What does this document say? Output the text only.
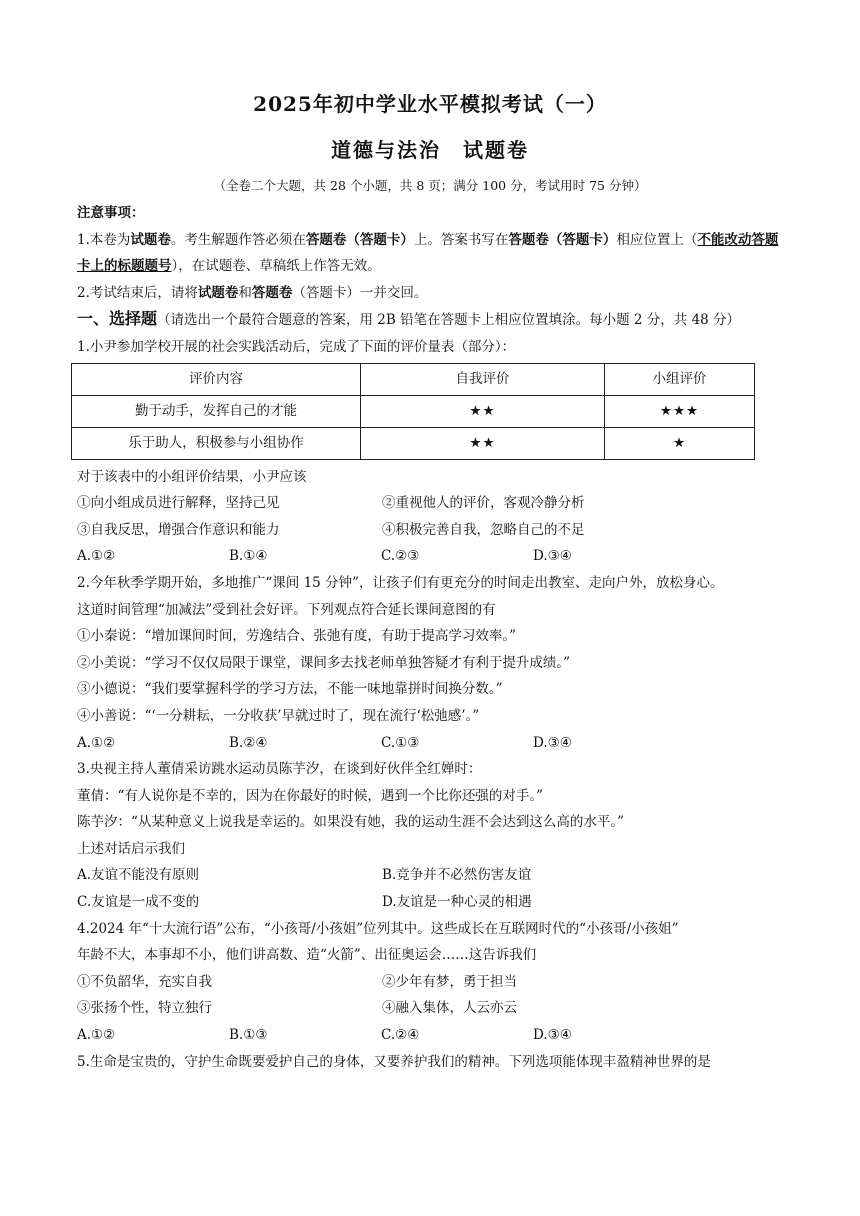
2025年初中学业水平模拟考试（一）
道德与法治　试题卷
（全卷二个大题，共 28 个小题，共 8 页；满分 100 分，考试用时 75 分钟）
注意事项：
1.本卷为试题卷。考生解题作答必须在答题卷（答题卡）上。答案书写在答题卷（答题卡）相应位置上（不能改动答题卡上的标题题号），在试题卷、草稿纸上作答无效。
2.考试结束后，请将试题卷和答题卷（答题卡）一并交回。
一、选择题（请选出一个最符合题意的答案，用 2B 铅笔在答题卡上相应位置填涂。每小题 2 分，共 48 分）
1.小尹参加学校开展的社会实践活动后，完成了下面的评价量表（部分）：
评价内容	自我评价	小组评价
勤于动手，发挥自己的才能	★★	★★★
乐于助人，积极参与小组协作	★★	★
对于该表中的小组评价结果，小尹应该
①向小组成员进行解释，坚持己见	②重视他人的评价，客观冷静分析
③自我反思，增强合作意识和能力	④积极完善自我，忽略自己的不足
A.①②	B.①④	C.②③	D.③④
2.今年秋季学期开始，多地推广“课间 15 分钟”，让孩子们有更充分的时间走出教室、走向户外，放松身心。
这道时间管理“加减法”受到社会好评。下列观点符合延长课间意图的有
①小秦说：“增加课间时间，劳逸结合、张弛有度，有助于提高学习效率。”
②小美说：“学习不仅仅局限于课堂，课间多去找老师单独答疑才有利于提升成绩。”
③小德说：“我们要掌握科学的学习方法，不能一味地靠拼时间换分数。”
④小善说：“‘一分耕耘，一分收获’早就过时了，现在流行‘松弛感’。”
A.①②	B.②④	C.①③	D.③④
3.央视主持人董倩采访跳水运动员陈芋汐，在谈到好伙伴全红婵时：
董倩：“有人说你是不幸的，因为在你最好的时候，遇到一个比你还强的对手。”
陈芋汐：“从某种意义上说我是幸运的。如果没有她，我的运动生涯不会达到这么高的水平。”
上述对话启示我们
A.友谊不能没有原则	B.竞争并不必然伤害友谊
C.友谊是一成不变的	D.友谊是一种心灵的相遇
4.2024 年“十大流行语”公布，“小孩哥/小孩姐”位列其中。这些成长在互联网时代的“小孩哥/小孩姐”
年龄不大，本事却不小，他们讲高数、造“火箭”、出征奥运会……这告诉我们
①不负韶华，充实自我	②少年有梦，勇于担当
③张扬个性，特立独行	④融入集体，人云亦云
A.①②	B.①③	C.②④	D.③④
5.生命是宝贵的，守护生命既要爱护自己的身体，又要养护我们的精神。下列选项能体现丰盈精神世界的是
